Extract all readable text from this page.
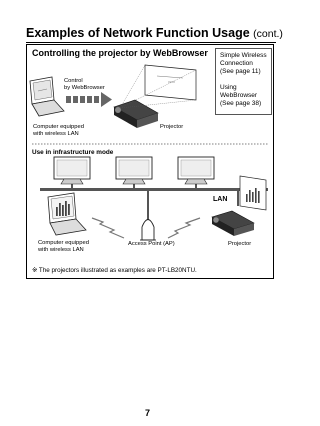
Examples of Network Function Usage (cont.)
Controlling the projector by WebBrowser Simple Wireless
Connection
(See page 11)
Using
WebBrowser
(See page 38)
Control
by WebBrowser
Computer equipped
with wireless LAN
Projector
Use in infrastructure mode
LAN
Computer equipped
with wireless LAN
Access Point (AP)	Projector
※ The projectors illustrated as examples are PT-LB20NTU.
7
